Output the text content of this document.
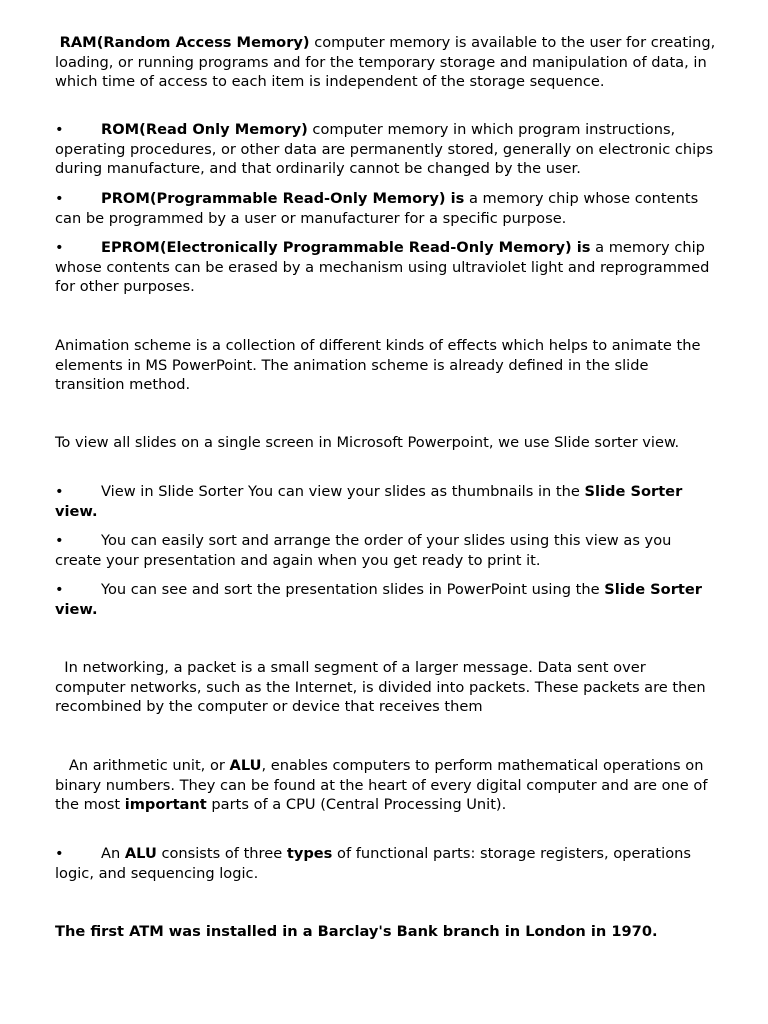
RAM(Random Access Memory) computer memory is available to the user for creating, loading, or running programs and for the temporary storage and manipulation of data, in which time of access to each item is independent of the storage sequence.

•	ROM(Read Only Memory) computer memory in which program instructions, operating procedures, or other data are permanently stored, generally on electronic chips during manufacture, and that ordinarily cannot be changed by the user.

•	PROM(Programmable Read-Only Memory) is a memory chip whose contents can be programmed by a user or manufacturer for a specific purpose.

•	EPROM(Electronically Programmable Read-Only Memory) is a memory chip whose contents can be erased by a mechanism using ultraviolet light and reprogrammed for other purposes.

Animation scheme is a collection of different kinds of effects which helps to animate the elements in MS PowerPoint. The animation scheme is already defined in the slide transition method.

To view all slides on a single screen in Microsoft Powerpoint, we use Slide sorter view.

•	View in Slide Sorter You can view your slides as thumbnails in the Slide Sorter view.

•	You can easily sort and arrange the order of your slides using this view as you create your presentation and again when you get ready to print it.

•	You can see and sort the presentation slides in PowerPoint using the Slide Sorter view.

In networking, a packet is a small segment of a larger message. Data sent over computer networks, such as the Internet, is divided into packets. These packets are then recombined by the computer or device that receives them

An arithmetic unit, or ALU, enables computers to perform mathematical operations on binary numbers. They can be found at the heart of every digital computer and are one of the most important parts of a CPU (Central Processing Unit).

•	An ALU consists of three types of functional parts: storage registers, operations logic, and sequencing logic.

The first ATM was installed in a Barclay's Bank branch in London in 1970.
